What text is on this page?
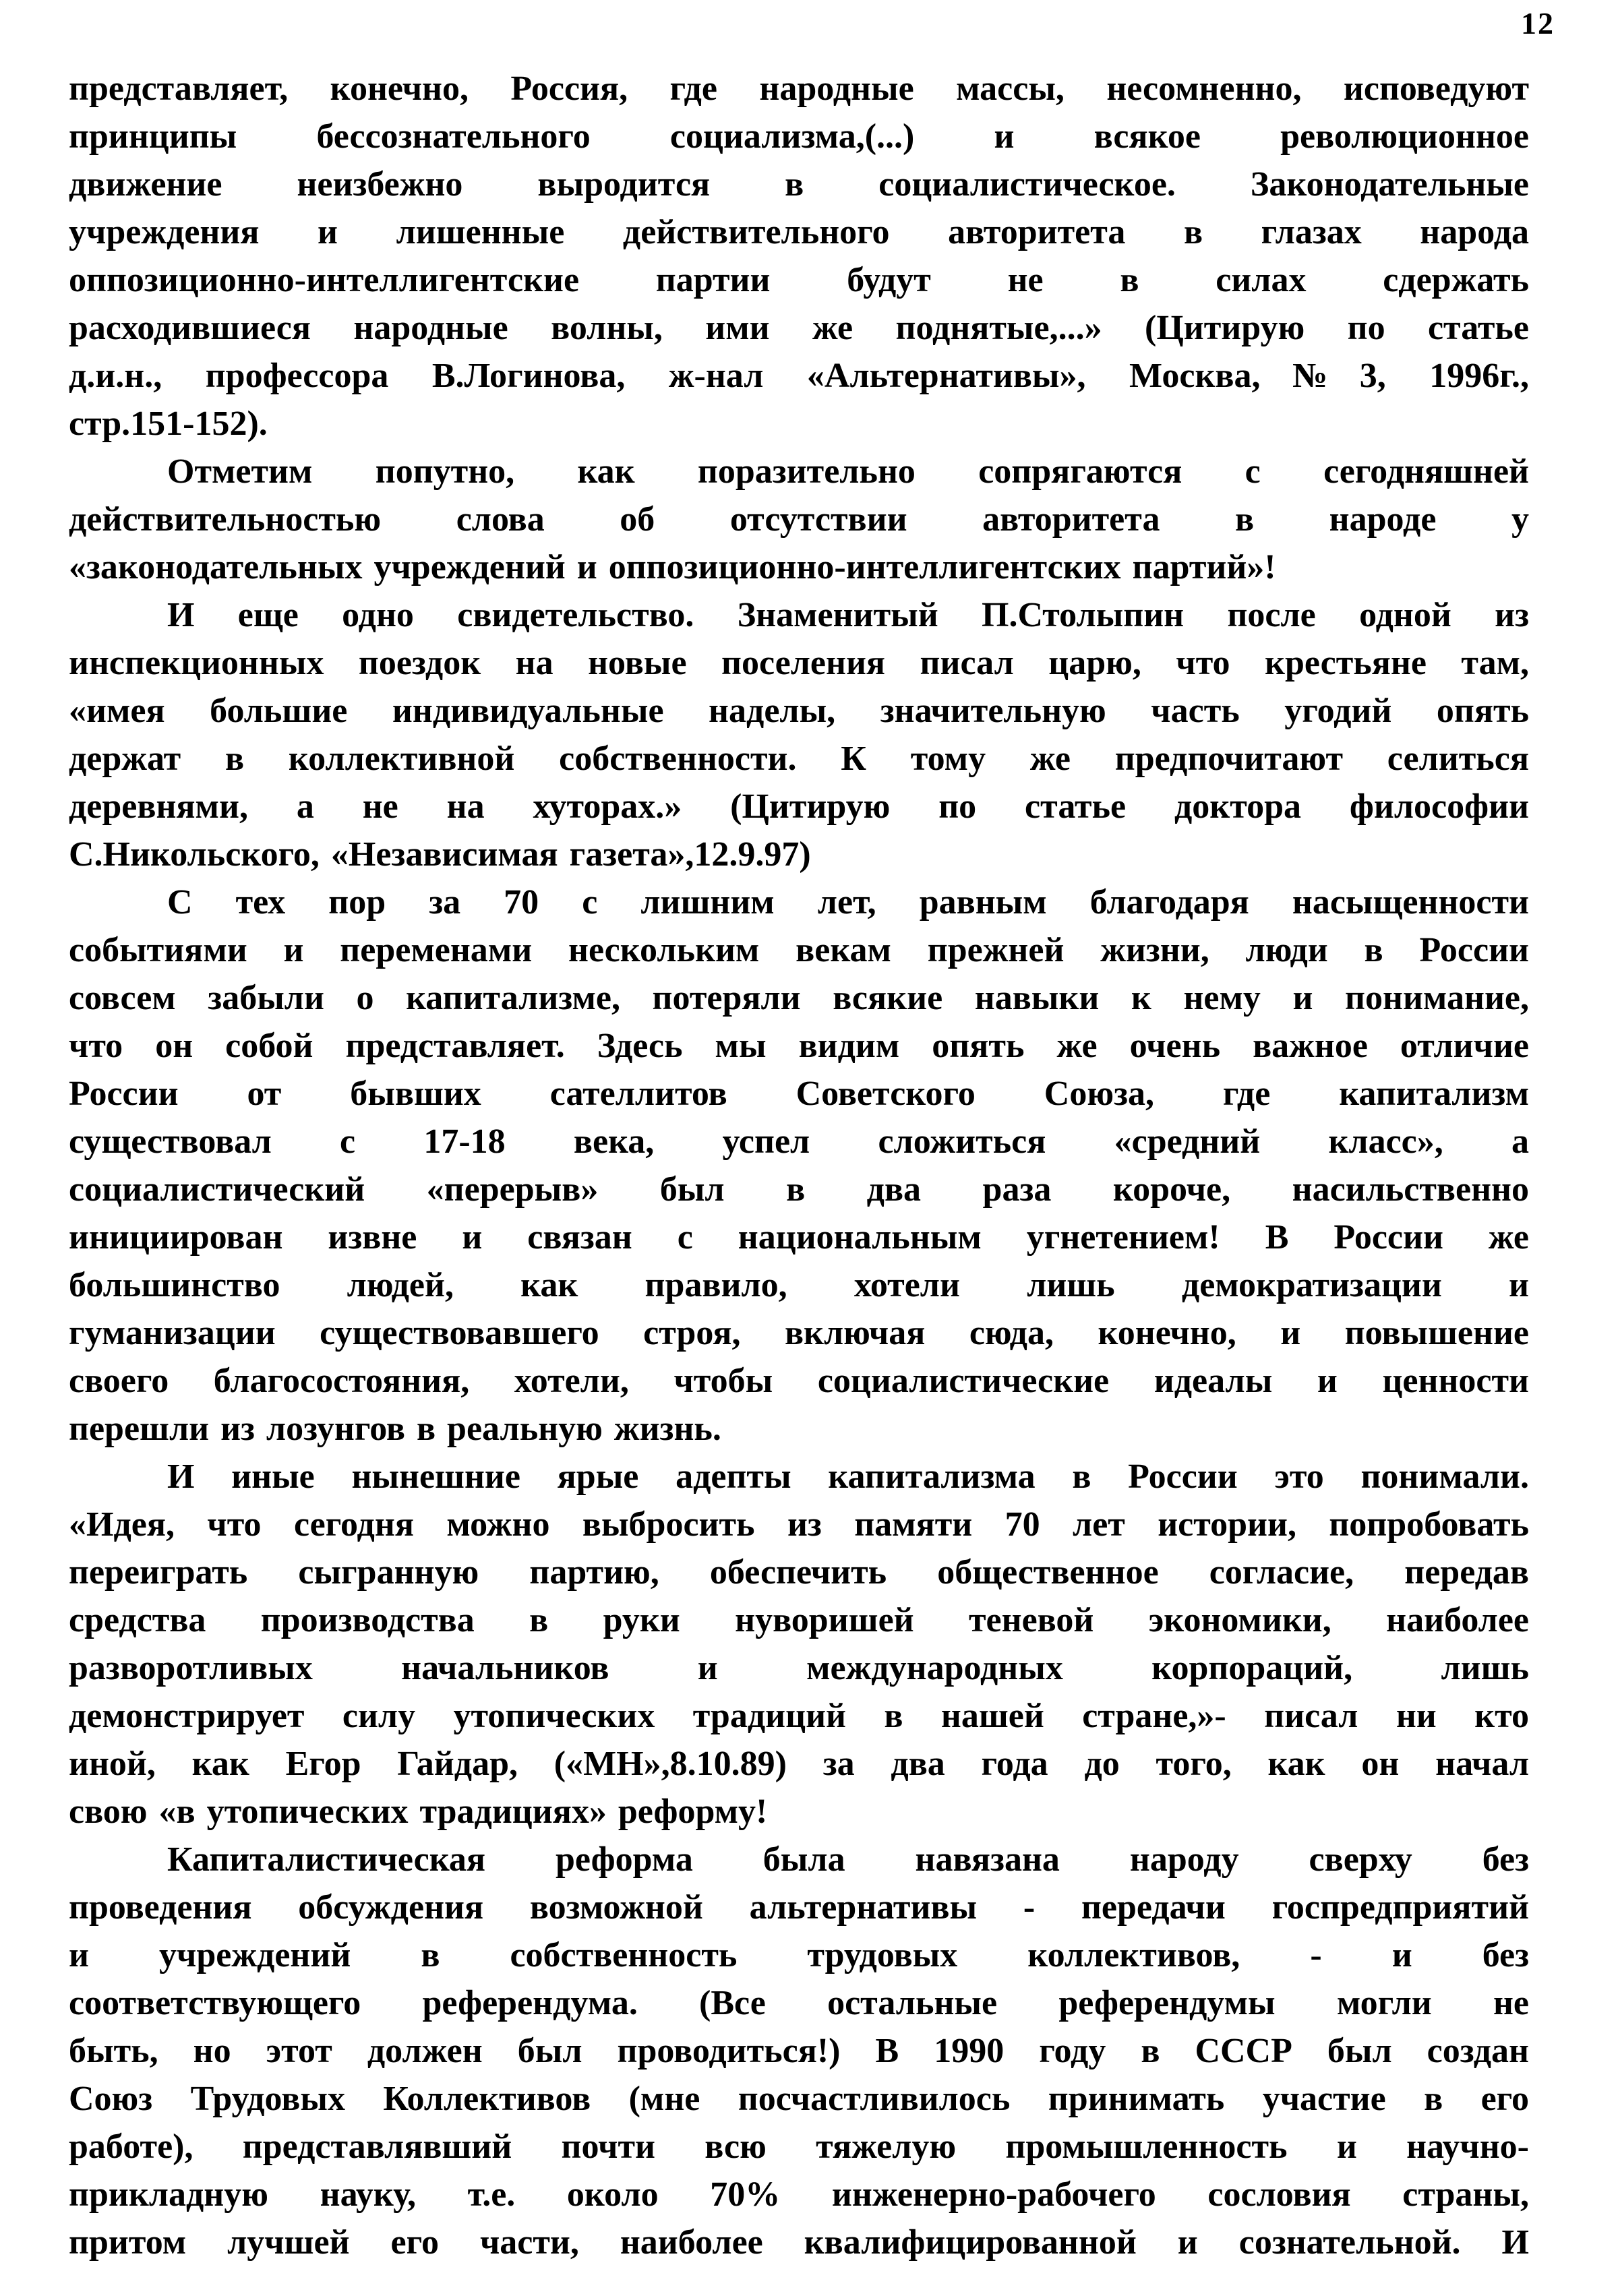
12
представляет, конечно, Россия, где народные массы, несомненно, исповедуют
принципы бессознательного социализма,(...) и всякое революционное
движение неизбежно выродится в социалистическое. Законодательные
учреждения и лишенные действительного авторитета в глазах народа
оппозиционно-интеллигентские партии будут не в силах сдержать
расходившиеся народные волны, ими же поднятые,...» (Цитирую по статье
д.и.н., профессора В.Логинова, ж-нал «Альтернативы», Москва,№3, 1996г.,
стр.151-152).
Отметим попутно, как поразительно сопрягаются с сегодняшней
действительностью слова об отсутствии авторитета в народе у
«законодательных учреждений и оппозиционно-интеллигентских партий»!
И еще одно свидетельство. Знаменитый П.Столыпин после одной из
инспекционных поездок на новые поселения писал царю, что крестьяне там,
«имея большие индивидуальные наделы, значительную часть угодий опять
держат в коллективной собственности. К тому же предпочитают селиться
деревнями, а не на хуторах.» (Цитирую по статье доктора философии
С.Никольского, «Независимая газета»,12.9.97)
С тех пор за 70 с лишним лет, равным благодаря насыщенности
событиями и переменами нескольким векам прежней жизни, люди в России
совсем забыли о капитализме, потеряли всякие навыки к нему и понимание,
что он собой представляет. Здесь мы видим опять же очень важное отличие
России от бывших сателлитов Советского Союза, где капитализм
существовал с 17-18 века, успел сложиться «средний класс», а
социалистический «перерыв» был в два раза короче, насильственно
инициирован извне и связан с национальным угнетением! В России же
большинство людей, как правило, хотели лишь демократизации и
гуманизации существовавшего строя, включая сюда, конечно, и повышение
своего благосостояния, хотели, чтобы социалистические идеалы и ценности
перешли из лозунгов в реальную жизнь.
И иные нынешние ярые адепты капитализма в России это понимали.
«Идея, что сегодня можно выбросить из памяти 70 лет истории, попробовать
переиграть сыгранную партию, обеспечить общественное согласие, передав
средства производства в руки нуворишей теневой экономики, наиболее
разворотливых начальников и международных корпораций, лишь
демонстрирует силу утопических традиций в нашей стране,»- писал ни кто
иной, как Егор Гайдар, («МН»,8.10.89) за два года до того, как он начал
свою «в утопических традициях» реформу!
Капиталистическая реформа была навязана народу сверху без
проведения обсуждения возможной альтернативы - передачи госпредприятий
и учреждений в собственность трудовых коллективов, - и без
соответствующего референдума. (Все остальные референдумы могли не
быть, но этот должен был проводиться!) В 1990 году в СССР был создан
Союз Трудовых Коллективов (мне посчастливилось принимать участие в его
работе), представлявший почти всю тяжелую промышленность и научно-
прикладную науку, т.е. около 70% инженерно-рабочего сословия страны,
притом лучшей его части, наиболее квалифицированной и сознательной. И
